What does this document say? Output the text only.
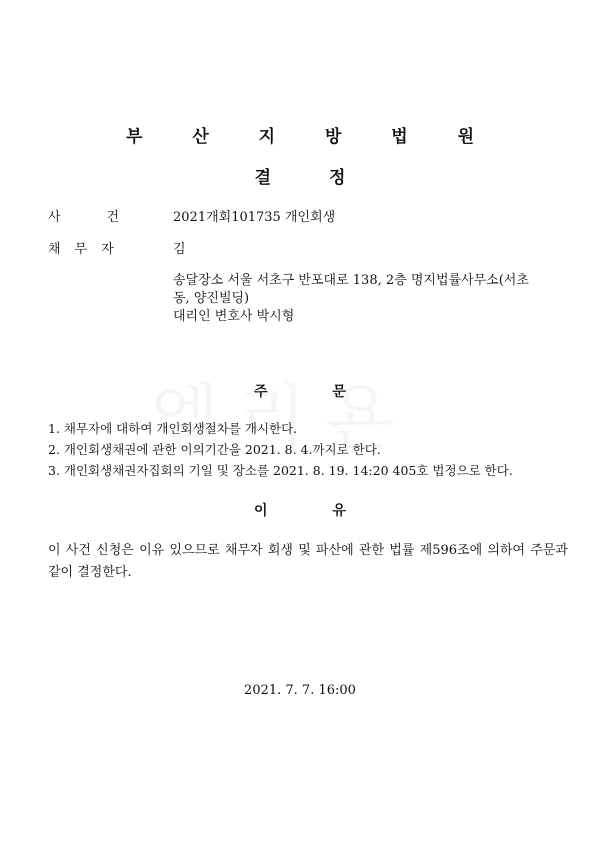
부 산 지 방 법 원
결 정
사건 2021개회101735 개인회생
채무자	김
송달장소 서울 서초구 반포대로 138, 2층 명지법률사무소(서초
동, 양진빌딩)
대리인 변호사 박시형
주 문
1. 채무자에 대하여 개인회생절차를 개시한다.
2. 개인회생채권에 관한 이의기간을 2021. 8. 4.까지로 한다.
3. 개인회생채권자집회의 기일 및 장소를 2021. 8. 19. 14:20 405호 법정으로 한다.
이 유
이 사건 신청은 이유 있으므로 채무자 회생 및 파산에 관한 법률 제596조에 의하여 주문과 같이 결정한다.
2021. 7. 7. 16:00
